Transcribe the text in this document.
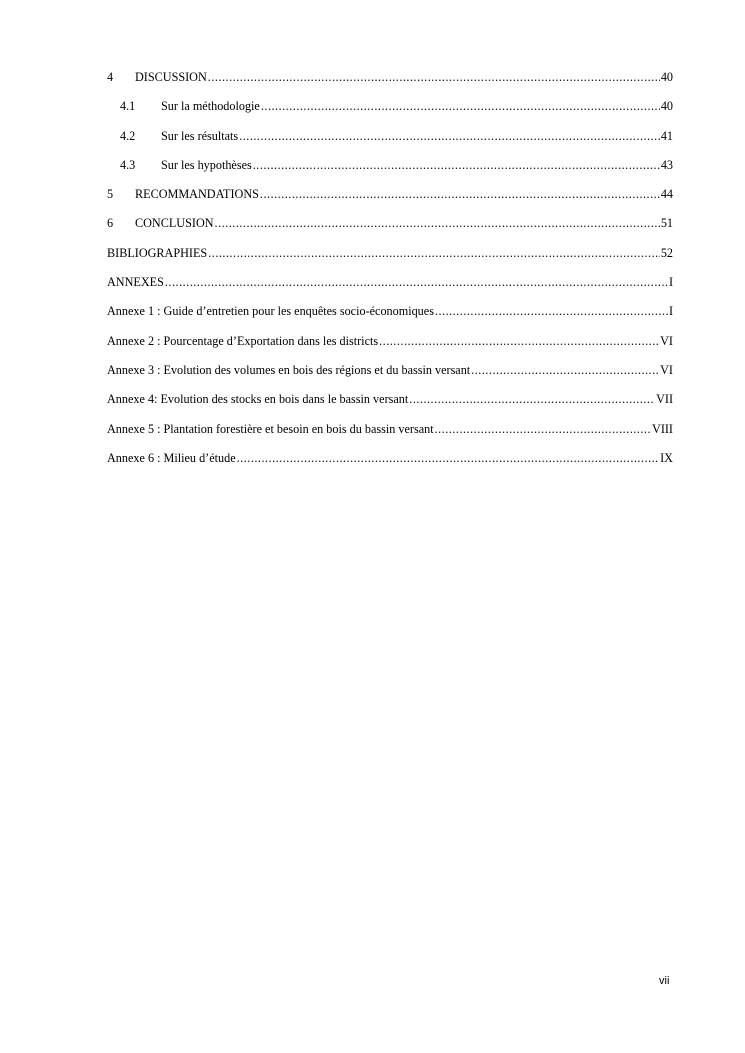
4	DISCUSSION .....	40
4.1	Sur la méthodologie .....	40
4.2	Sur les résultats .....	41
4.3	Sur les hypothèses .....	43
5	RECOMMANDATIONS .....	44
6	CONCLUSION .....	51
BIBLIOGRAPHIES .....	52
ANNEXES .....	I
Annexe 1 : Guide d’entretien pour les enquêtes socio-économiques .....	I
Annexe 2 : Pourcentage d’Exportation dans les districts .....	VI
Annexe 3 : Evolution des volumes en bois des régions et du bassin versant .....	VI
Annexe 4: Evolution des stocks en bois dans le bassin versant .....	VII
Annexe 5 : Plantation forestière et besoin en bois du bassin versant .....	VIII
Annexe 6 : Milieu d’étude .....	IX
vii
